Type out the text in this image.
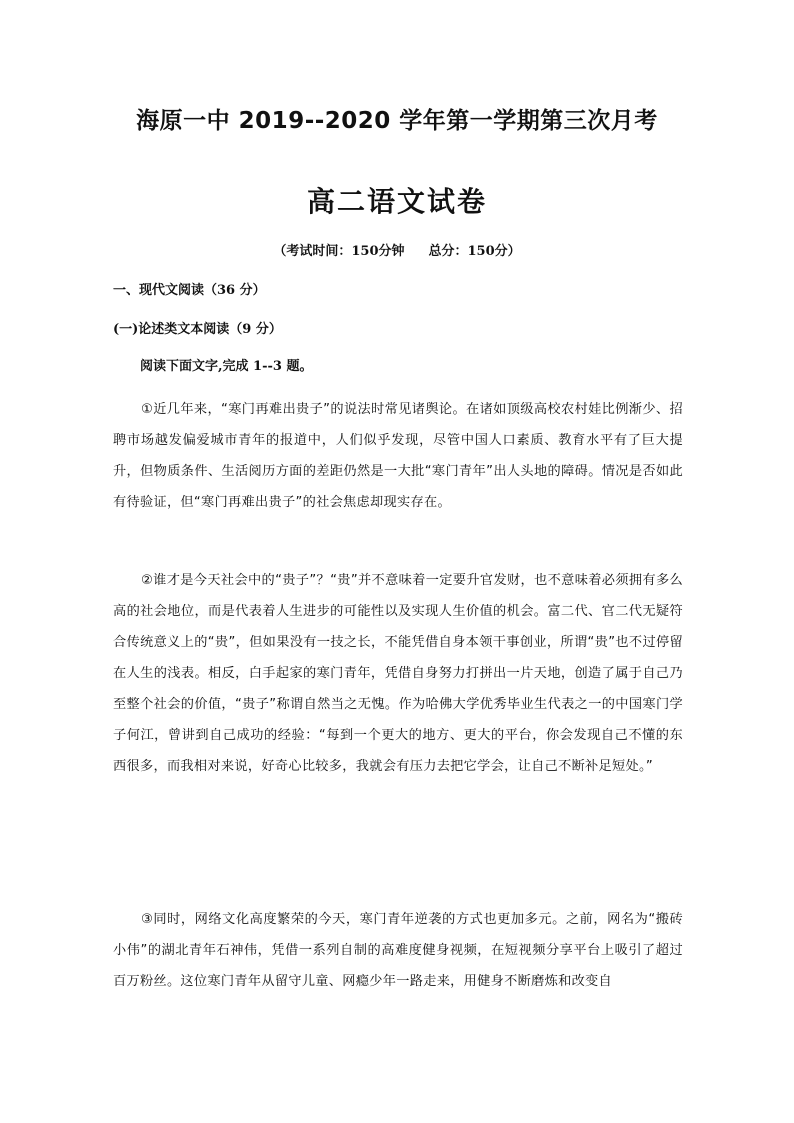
海原一中 2019--2020 学年第一学期第三次月考
高二语文试卷
（考试时间：150分钟 总分：150分）
一、现代文阅读（36 分）
(一)论述类文本阅读（9 分）
阅读下面文字,完成 1--3 题。

①近几年来，“寒门再难出贵子”的说法时常见诸舆论。在诸如顶级高校农村娃比例渐少、招聘市场越发偏爱城市青年的报道中，人们似乎发现，尽管中国人口素质、教育水平有了巨大提升，但物质条件、生活阅历方面的差距仍然是一大批“寒门青年”出人头地的障碍。情况是否如此有待验证，但“寒门再难出贵子”的社会焦虑却现实存在。

②谁才是今天社会中的“贵子”？“贵”并不意味着一定要升官发财，也不意味着必须拥有多么高的社会地位，而是代表着人生进步的可能性以及实现人生价值的机会。富二代、官二代无疑符合传统意义上的“贵”，但如果没有一技之长，不能凭借自身本领干事创业，所谓“贵”也不过停留在人生的浅表。相反，白手起家的寒门青年，凭借自身努力打拼出一片天地，创造了属于自己乃至整个社会的价值，“贵子”称谓自然当之无愧。作为哈佛大学优秀毕业生代表之一的中国寒门学子何江，曾讲到自己成功的经验：“每到一个更大的地方、更大的平台，你会发现自己不懂的东西很多，而我相对来说，好奇心比较多，我就会有压力去把它学会，让自己不断补足短处。”

③同时，网络文化高度繁荣的今天，寒门青年逆袭的方式也更加多元。之前，网名为“搬砖小伟”的湖北青年石神伟，凭借一系列自制的高难度健身视频，在短视频分享平台上吸引了超过百万粉丝。这位寒门青年从留守儿童、网瘾少年一路走来，用健身不断磨炼和改变自
